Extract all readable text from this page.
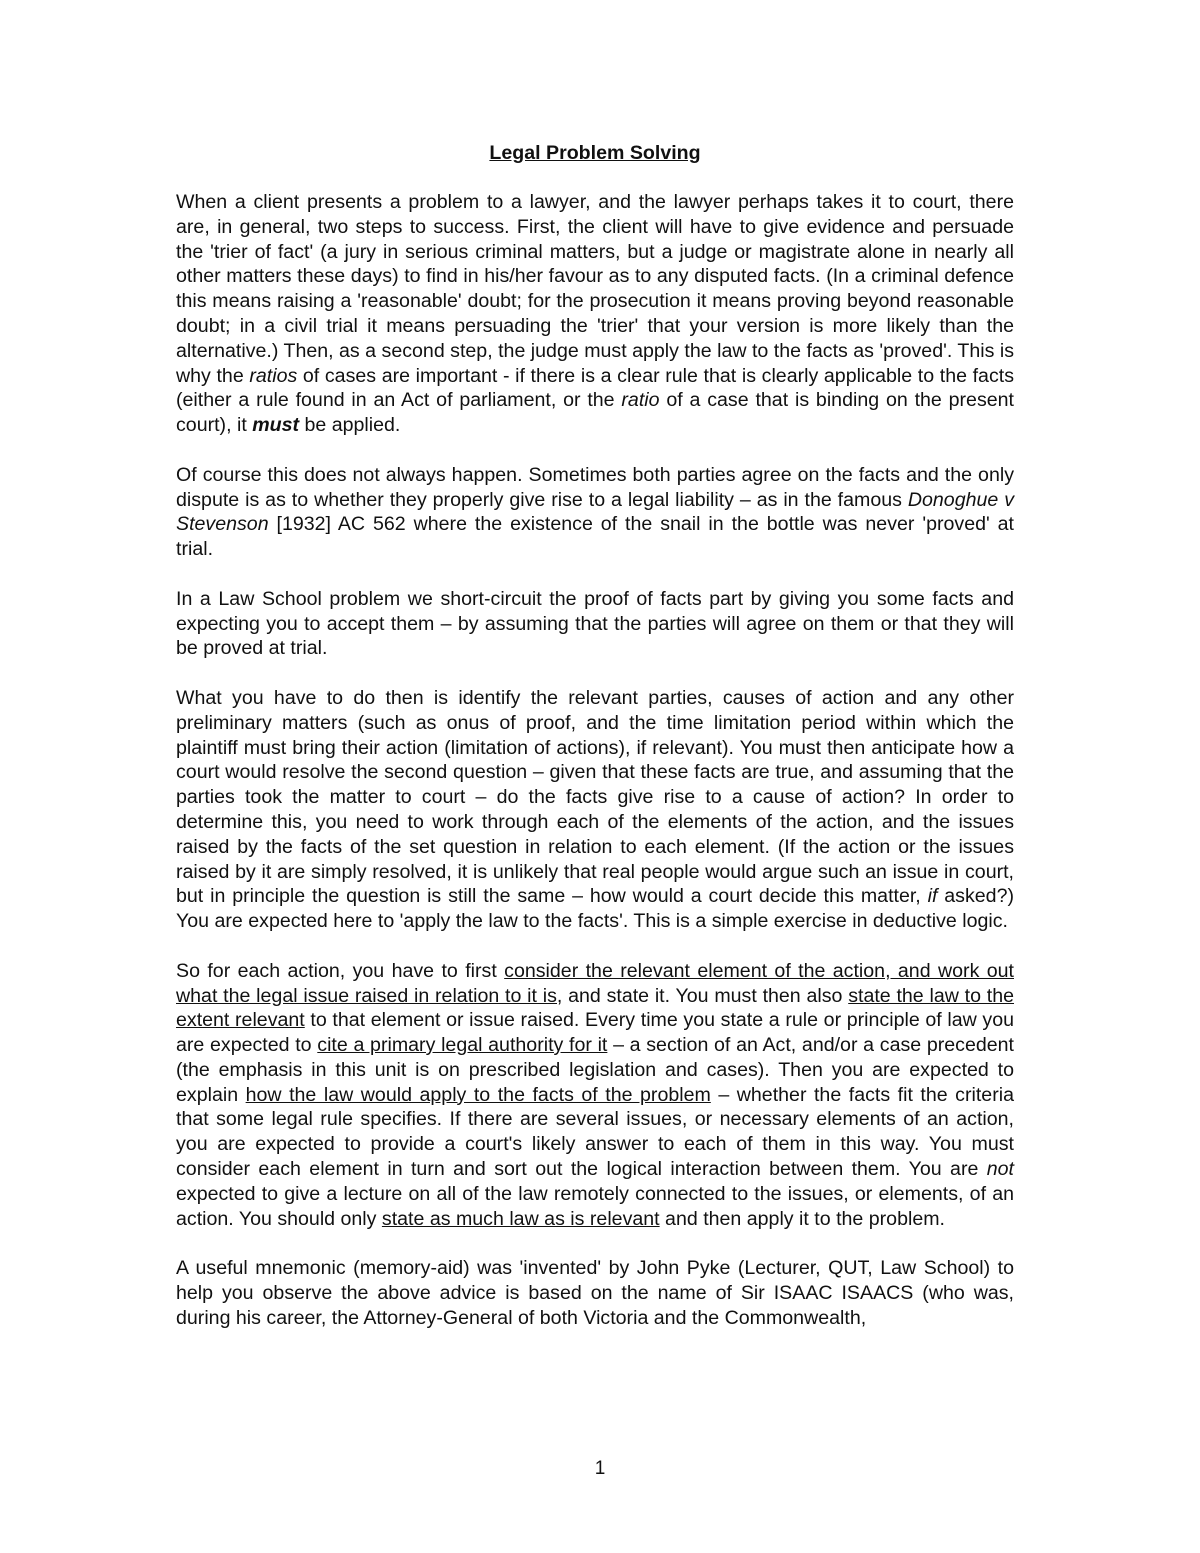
Legal Problem Solving

When a client presents a problem to a lawyer, and the lawyer perhaps takes it to court, there are, in general, two steps to success. First, the client will have to give evidence and persuade the 'trier of fact' (a jury in serious criminal matters, but a judge or magistrate alone in nearly all other matters these days) to find in his/her favour as to any disputed facts. (In a criminal defence this means raising a 'reasonable' doubt; for the prosecution it means proving beyond reasonable doubt; in a civil trial it means persuading the 'trier' that your version is more likely than the alternative.) Then, as a second step, the judge must apply the law to the facts as 'proved'. This is why the ratios of cases are important - if there is a clear rule that is clearly applicable to the facts (either a rule found in an Act of parliament, or the ratio of a case that is binding on the present court), it must be applied.

Of course this does not always happen. Sometimes both parties agree on the facts and the only dispute is as to whether they properly give rise to a legal liability – as in the famous Donoghue v Stevenson [1932] AC 562 where the existence of the snail in the bottle was never 'proved' at trial.

In a Law School problem we short-circuit the proof of facts part by giving you some facts and expecting you to accept them – by assuming that the parties will agree on them or that they will be proved at trial.

What you have to do then is identify the relevant parties, causes of action and any other preliminary matters (such as onus of proof, and the time limitation period within which the plaintiff must bring their action (limitation of actions), if relevant). You must then anticipate how a court would resolve the second question – given that these facts are true, and assuming that the parties took the matter to court – do the facts give rise to a cause of action? In order to determine this, you need to work through each of the elements of the action, and the issues raised by the facts of the set question in relation to each element. (If the action or the issues raised by it are simply resolved, it is unlikely that real people would argue such an issue in court, but in principle the question is still the same – how would a court decide this matter, if asked?) You are expected here to 'apply the law to the facts'. This is a simple exercise in deductive logic.

So for each action, you have to first consider the relevant element of the action, and work out what the legal issue raised in relation to it is, and state it. You must then also state the law to the extent relevant to that element or issue raised. Every time you state a rule or principle of law you are expected to cite a primary legal authority for it – a section of an Act, and/or a case precedent (the emphasis in this unit is on prescribed legislation and cases). Then you are expected to explain how the law would apply to the facts of the problem – whether the facts fit the criteria that some legal rule specifies. If there are several issues, or necessary elements of an action, you are expected to provide a court's likely answer to each of them in this way. You must consider each element in turn and sort out the logical interaction between them. You are not expected to give a lecture on all of the law remotely connected to the issues, or elements, of an action. You should only state as much law as is relevant and then apply it to the problem.

A useful mnemonic (memory-aid) was 'invented' by John Pyke (Lecturer, QUT, Law School) to help you observe the above advice is based on the name of Sir ISAAC ISAACS (who was, during his career, the Attorney-General of both Victoria and the Commonwealth,

1
